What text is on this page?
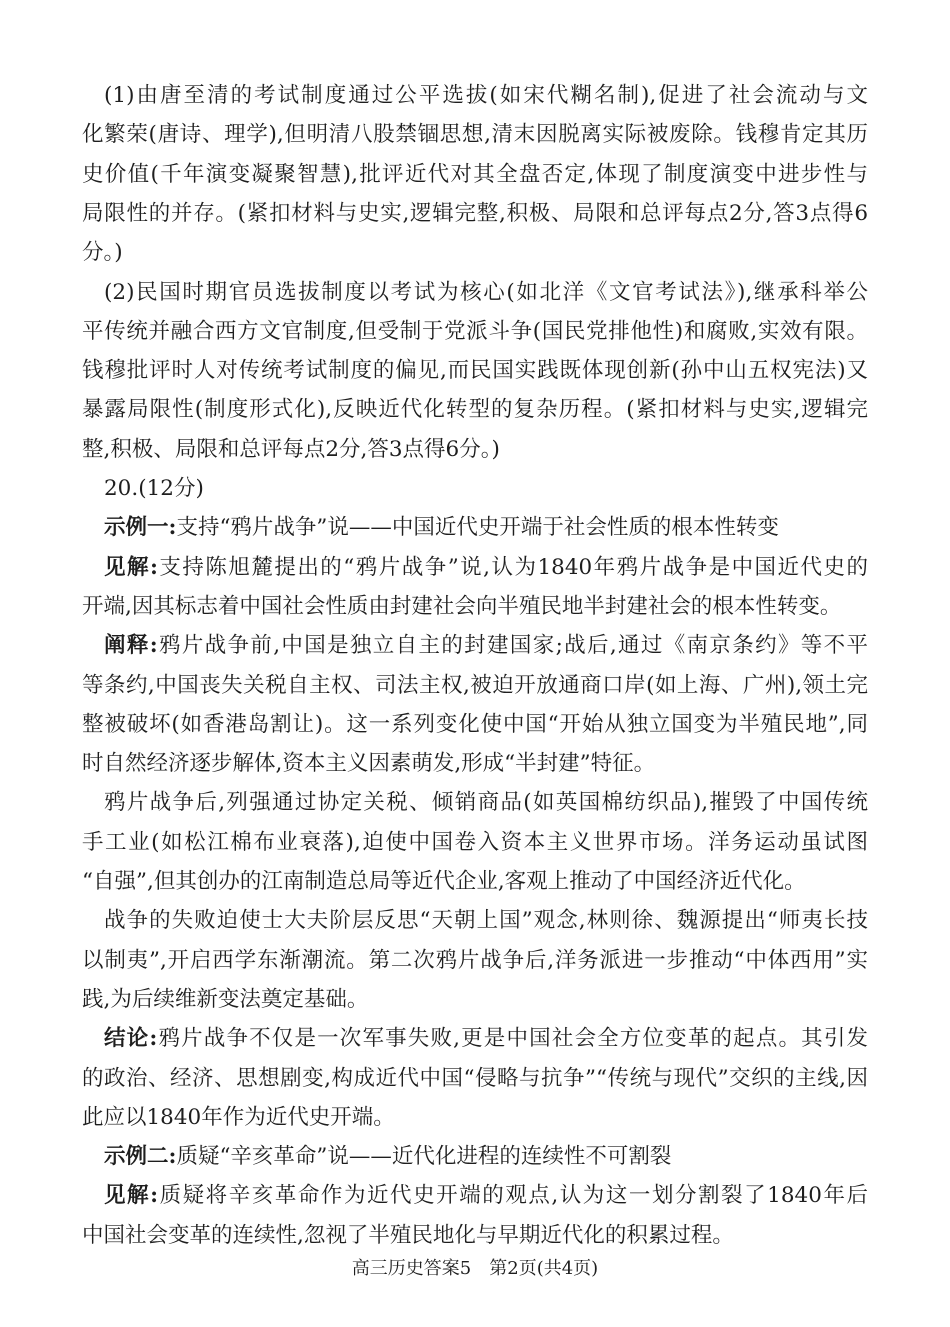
(1)由唐至清的考试制度通过公平选拔(如宋代糊名制),促进了社会流动与文
化繁荣(唐诗、理学),但明清八股禁锢思想,清末因脱离实际被废除。钱穆肯定其历
史价值(千年演变凝聚智慧),批评近代对其全盘否定,体现了制度演变中进步性与
局限性的并存。(紧扣材料与史实,逻辑完整,积极、局限和总评每点2分,答3点得6
分。)
(2)民国时期官员选拔制度以考试为核心(如北洋《文官考试法》),继承科举公
平传统并融合西方文官制度,但受制于党派斗争(国民党排他性)和腐败,实效有限。
钱穆批评时人对传统考试制度的偏见,而民国实践既体现创新(孙中山五权宪法)又
暴露局限性(制度形式化),反映近代化转型的复杂历程。(紧扣材料与史实,逻辑完
整,积极、局限和总评每点2分,答3点得6分。)
20.(12分)
示例一:支持“鸦片战争”说——中国近代史开端于社会性质的根本性转变
见解:支持陈旭麓提出的“鸦片战争”说,认为1840年鸦片战争是中国近代史的
开端,因其标志着中国社会性质由封建社会向半殖民地半封建社会的根本性转变。
阐释:鸦片战争前,中国是独立自主的封建国家;战后,通过《南京条约》等不平
等条约,中国丧失关税自主权、司法主权,被迫开放通商口岸(如上海、广州),领土完
整被破坏(如香港岛割让)。这一系列变化使中国“开始从独立国变为半殖民地”,同
时自然经济逐步解体,资本主义因素萌发,形成“半封建”特征。
鸦片战争后,列强通过协定关税、倾销商品(如英国棉纺织品),摧毁了中国传统
手工业(如松江棉布业衰落),迫使中国卷入资本主义世界市场。洋务运动虽试图
“自强”,但其创办的江南制造总局等近代企业,客观上推动了中国经济近代化。
战争的失败迫使士大夫阶层反思“天朝上国”观念,林则徐、魏源提出“师夷长技
以制夷”,开启西学东渐潮流。第二次鸦片战争后,洋务派进一步推动“中体西用”实
践,为后续维新变法奠定基础。
结论:鸦片战争不仅是一次军事失败,更是中国社会全方位变革的起点。其引发
的政治、经济、思想剧变,构成近代中国“侵略与抗争”“传统与现代”交织的主线,因
此应以1840年作为近代史开端。
示例二:质疑“辛亥革命”说——近代化进程的连续性不可割裂
见解:质疑将辛亥革命作为近代史开端的观点,认为这一划分割裂了1840年后
中国社会变革的连续性,忽视了半殖民地化与早期近代化的积累过程。
高三历史答案5　第2页(共4页)
